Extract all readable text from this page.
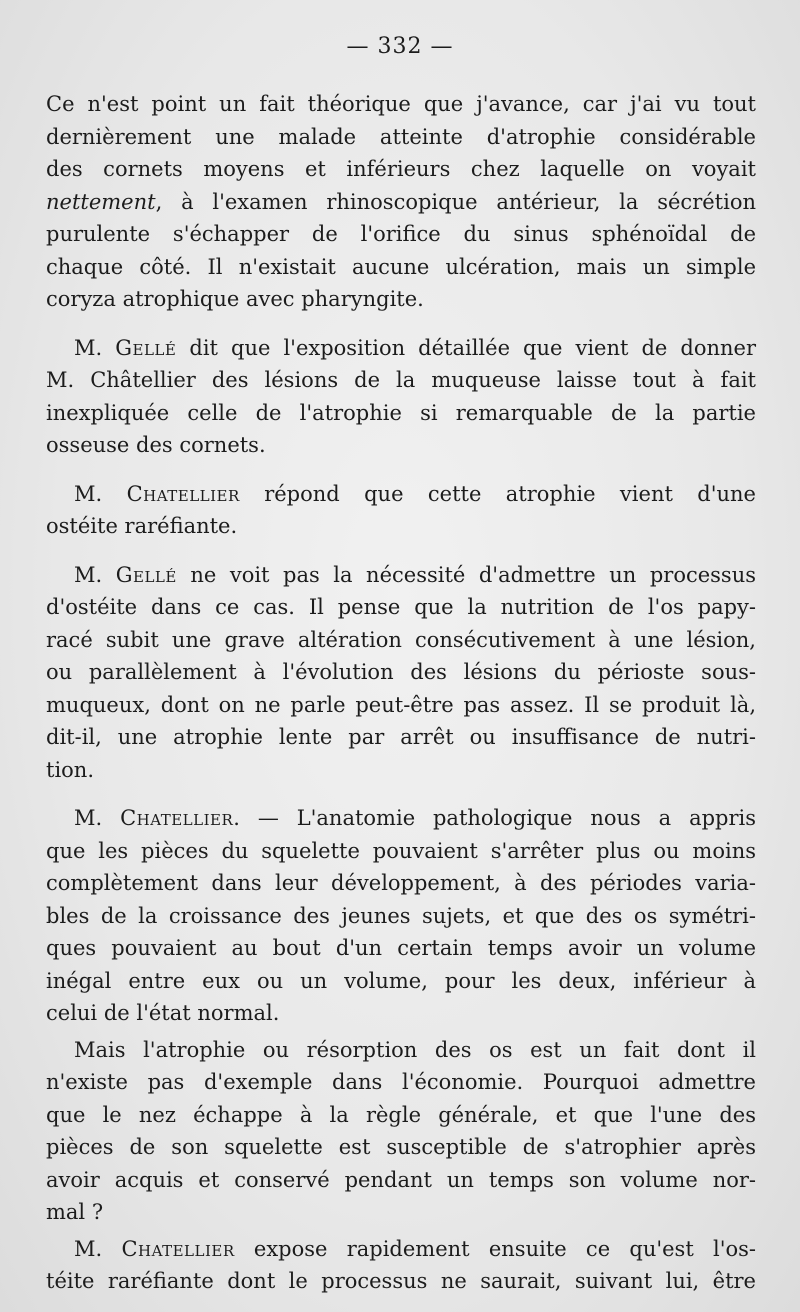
— 332 —
Ce n'est point un fait théorique que j'avance, car j'ai vu tout
dernièrement une malade atteinte d'atrophie considérable
des cornets moyens et inférieurs chez laquelle on voyait
nettement, à l'examen rhinoscopique antérieur, la sécrétion
purulente s'échapper de l'orifice du sinus sphénoïdal de
chaque côté. Il n'existait aucune ulcération, mais un simple
coryza atrophique avec pharyngite.
M. Gellé dit que l'exposition détaillée que vient de donner
M. Châtellier des lésions de la muqueuse laisse tout à fait
inexpliquée celle de l'atrophie si remarquable de la partie
osseuse des cornets.
M. Chatellier répond que cette atrophie vient d'une
ostéite raréfiante.
M. Gellé ne voit pas la nécessité d'admettre un processus
d'ostéite dans ce cas. Il pense que la nutrition de l'os papy-
racé subit une grave altération consécutivement à une lésion,
ou parallèlement à l'évolution des lésions du périoste sous-
muqueux, dont on ne parle peut-être pas assez. Il se produit là,
dit-il, une atrophie lente par arrêt ou insuffisance de nutri-
tion.
M. Chatellier. — L'anatomie pathologique nous a appris
que les pièces du squelette pouvaient s'arrêter plus ou moins
complètement dans leur développement, à des périodes varia-
bles de la croissance des jeunes sujets, et que des os symétri-
ques pouvaient au bout d'un certain temps avoir un volume
inégal entre eux ou un volume, pour les deux, inférieur à
celui de l'état normal.
Mais l'atrophie ou résorption des os est un fait dont il
n'existe pas d'exemple dans l'économie. Pourquoi admettre
que le nez échappe à la règle générale, et que l'une des
pièces de son squelette est susceptible de s'atrophier après
avoir acquis et conservé pendant un temps son volume nor-
mal ?
M. Chatellier expose rapidement ensuite ce qu'est l'os-
téite raréfiante dont le processus ne saurait, suivant lui, être
